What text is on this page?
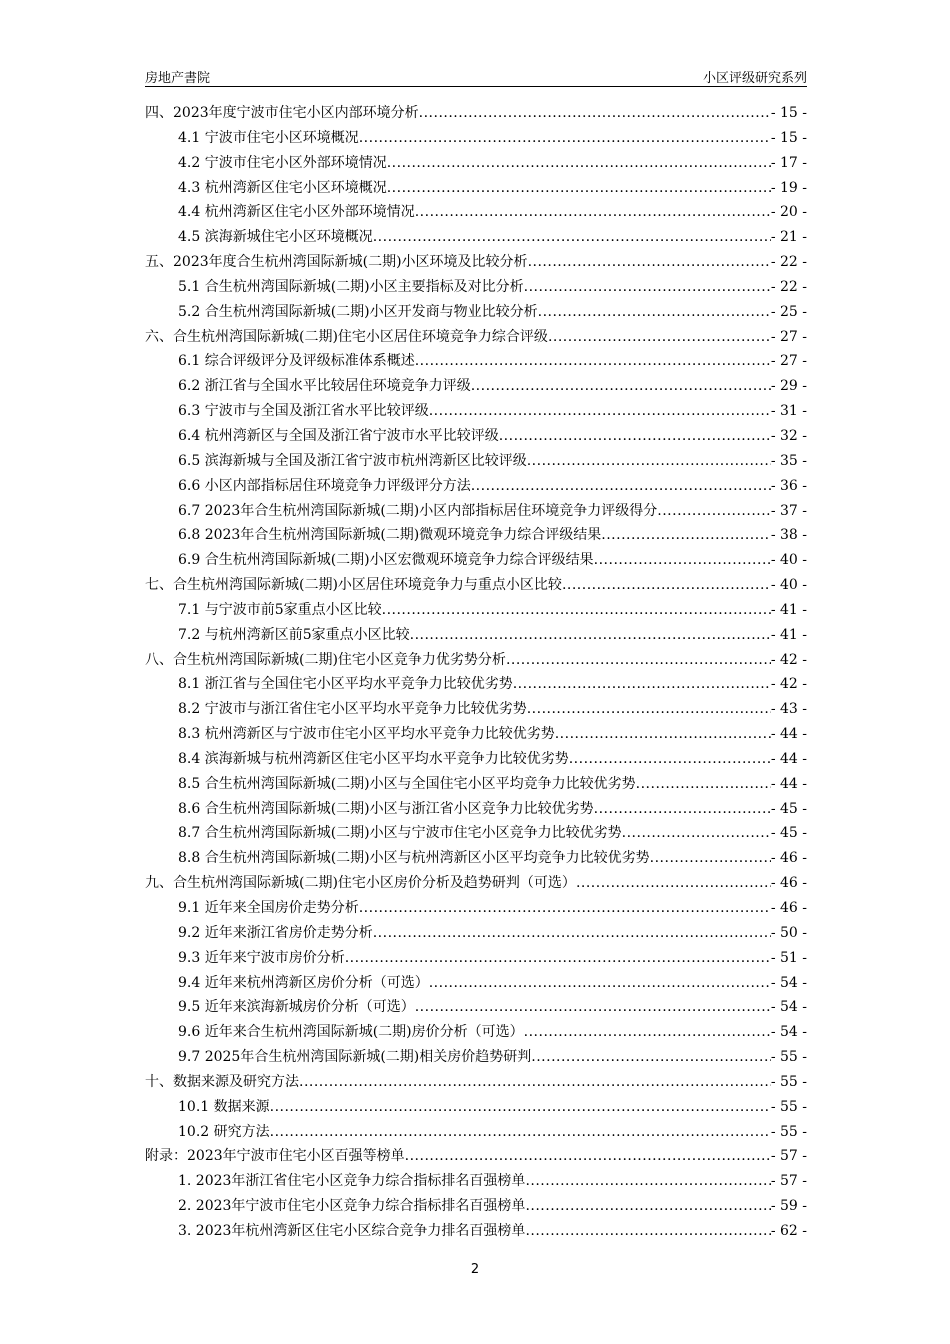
房地产書院	小区评级研究系列
四、2023年度宁波市住宅小区内部环境分析 .....	- 15 -
4.1 宁波市住宅小区环境概况 .....	- 15 -
4.2 宁波市住宅小区外部环境情况 .....	- 17 -
4.3 杭州湾新区住宅小区环境概况 .....	- 19 -
4.4 杭州湾新区住宅小区外部环境情况 .....	- 20 -
4.5 滨海新城住宅小区环境概况 .....	- 21 -
五、2023年度合生杭州湾国际新城(二期)小区环境及比较分析 .....	- 22 -
5.1 合生杭州湾国际新城(二期)小区主要指标及对比分析 .....	- 22 -
5.2 合生杭州湾国际新城(二期)小区开发商与物业比较分析 .....	- 25 -
六、合生杭州湾国际新城(二期)住宅小区居住环境竞争力综合评级 .....	- 27 -
6.1 综合评级评分及评级标准体系概述 .....	- 27 -
6.2 浙江省与全国水平比较居住环境竞争力评级 .....	- 29 -
6.3 宁波市与全国及浙江省水平比较评级 .....	- 31 -
6.4 杭州湾新区与全国及浙江省宁波市水平比较评级 .....	- 32 -
6.5 滨海新城与全国及浙江省宁波市杭州湾新区比较评级 .....	- 35 -
6.6 小区内部指标居住环境竞争力评级评分方法 .....	- 36 -
6.7 2023年合生杭州湾国际新城(二期)小区内部指标居住环境竞争力评级得分 .....	- 37 -
6.8 2023年合生杭州湾国际新城(二期)微观环境竞争力综合评级结果 .....	- 38 -
6.9 合生杭州湾国际新城(二期)小区宏微观环境竞争力综合评级结果 .....	- 40 -
七、合生杭州湾国际新城(二期)小区居住环境竞争力与重点小区比较 .....	- 40 -
7.1 与宁波市前5家重点小区比较 .....	- 41 -
7.2 与杭州湾新区前5家重点小区比较 .....	- 41 -
八、合生杭州湾国际新城(二期)住宅小区竞争力优劣势分析 .....	- 42 -
8.1 浙江省与全国住宅小区平均水平竞争力比较优劣势 .....	- 42 -
8.2 宁波市与浙江省住宅小区平均水平竞争力比较优劣势 .....	- 43 -
8.3 杭州湾新区与宁波市住宅小区平均水平竞争力比较优劣势 .....	- 44 -
8.4 滨海新城与杭州湾新区住宅小区平均水平竞争力比较优劣势 .....	- 44 -
8.5 合生杭州湾国际新城(二期)小区与全国住宅小区平均竞争力比较优劣势 .....	- 44 -
8.6 合生杭州湾国际新城(二期)小区与浙江省小区竞争力比较优劣势 .....	- 45 -
8.7 合生杭州湾国际新城(二期)小区与宁波市住宅小区竞争力比较优劣势 .....	- 45 -
8.8 合生杭州湾国际新城(二期)小区与杭州湾新区小区平均竞争力比较优劣势 .....	- 46 -
九、合生杭州湾国际新城(二期)住宅小区房价分析及趋势研判（可选） .....	- 46 -
9.1 近年来全国房价走势分析 .....	- 46 -
9.2 近年来浙江省房价走势分析 .....	- 50 -
9.3 近年来宁波市房价分析 .....	- 51 -
9.4 近年来杭州湾新区房价分析（可选） .....	- 54 -
9.5 近年来滨海新城房价分析（可选） .....	- 54 -
9.6 近年来合生杭州湾国际新城(二期)房价分析（可选） .....	- 54 -
9.7 2025年合生杭州湾国际新城(二期)相关房价趋势研判 .....	- 55 -
十、数据来源及研究方法 .....	- 55 -
10.1 数据来源 .....	- 55 -
10.2 研究方法 .....	- 55 -
附录：2023年宁波市住宅小区百强等榜单 .....	- 57 -
1. 2023年浙江省住宅小区竞争力综合指标排名百强榜单 .....	- 57 -
2. 2023年宁波市住宅小区竞争力综合指标排名百强榜单 .....	- 59 -
3. 2023年杭州湾新区住宅小区综合竞争力排名百强榜单 .....	- 62 -
2
